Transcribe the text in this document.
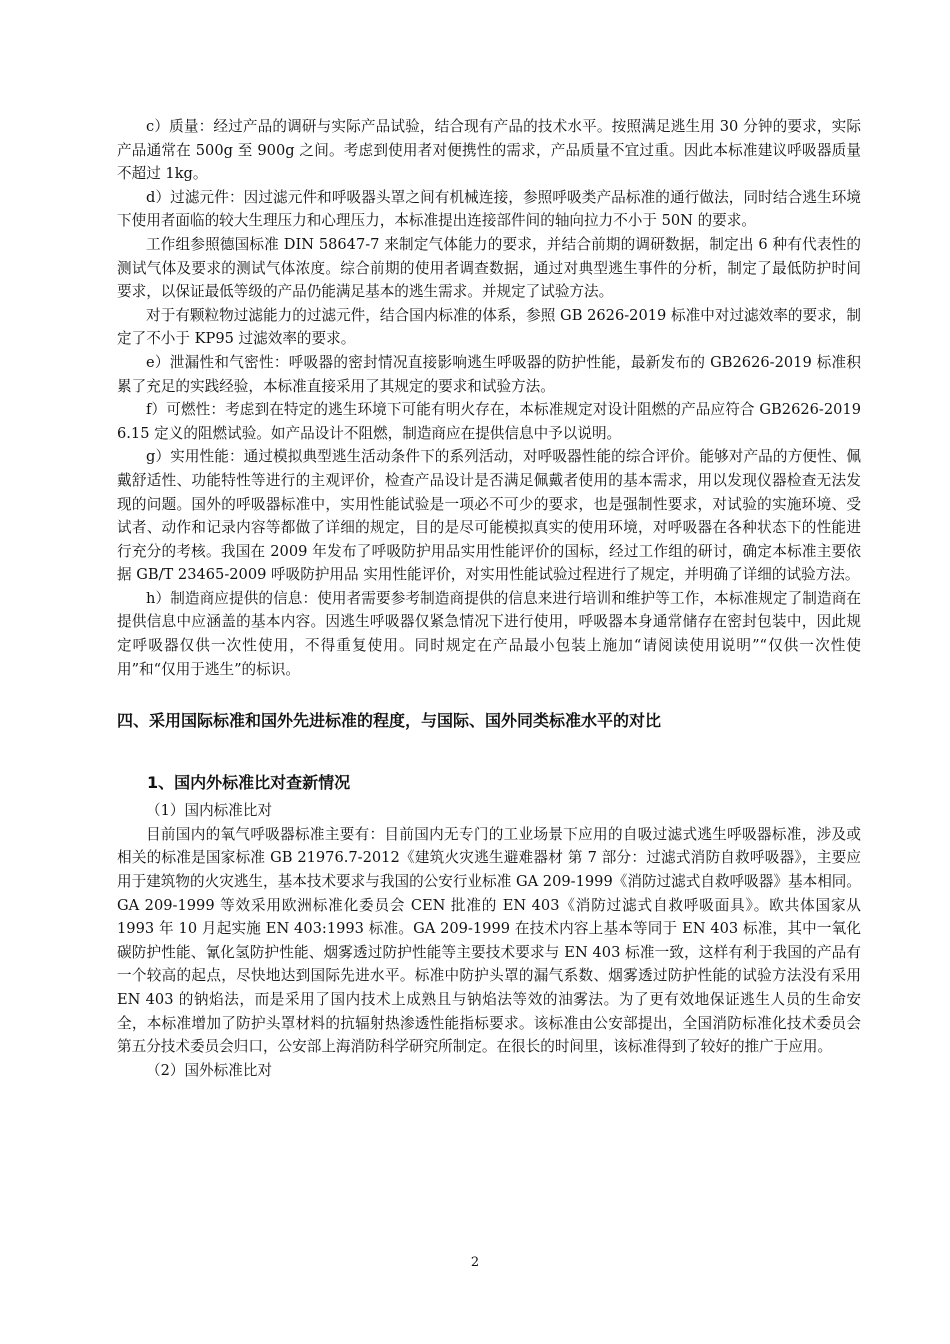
c）质量：经过产品的调研与实际产品试验，结合现有产品的技术水平。按照满足逃生用 30 分钟的要求，实际产品通常在 500g 至 900g 之间。考虑到使用者对便携性的需求，产品质量不宜过重。因此本标准建议呼吸器质量不超过 1kg。

d）过滤元件：因过滤元件和呼吸器头罩之间有机械连接，参照呼吸类产品标准的通行做法，同时结合逃生环境下使用者面临的较大生理压力和心理压力，本标准提出连接部件间的轴向拉力不小于 50N 的要求。

工作组参照德国标准 DIN 58647-7 来制定气体能力的要求，并结合前期的调研数据，制定出 6 种有代表性的测试气体及要求的测试气体浓度。综合前期的使用者调查数据，通过对典型逃生事件的分析，制定了最低防护时间要求，以保证最低等级的产品仍能满足基本的逃生需求。并规定了试验方法。

对于有颗粒物过滤能力的过滤元件，结合国内标准的体系，参照 GB 2626-2019 标准中对过滤效率的要求，制定了不小于 KP95 过滤效率的要求。

e）泄漏性和气密性：呼吸器的密封情况直接影响逃生呼吸器的防护性能，最新发布的 GB2626-2019 标准积累了充足的实践经验，本标准直接采用了其规定的要求和试验方法。

f）可燃性：考虑到在特定的逃生环境下可能有明火存在，本标准规定对设计阻燃的产品应符合 GB2626-2019 6.15 定义的阻燃试验。如产品设计不阻燃，制造商应在提供信息中予以说明。

g）实用性能：通过模拟典型逃生活动条件下的系列活动，对呼吸器性能的综合评价。能够对产品的方便性、佩戴舒适性、功能特性等进行的主观评价，检查产品设计是否满足佩戴者使用的基本需求，用以发现仪器检查无法发现的问题。国外的呼吸器标准中，实用性能试验是一项必不可少的要求，也是强制性要求，对试验的实施环境、受试者、动作和记录内容等都做了详细的规定，目的是尽可能模拟真实的使用环境，对呼吸器在各种状态下的性能进行充分的考核。我国在 2009 年发布了呼吸防护用品实用性能评价的国标，经过工作组的研讨，确定本标准主要依据 GB/T 23465-2009 呼吸防护用品 实用性能评价，对实用性能试验过程进行了规定，并明确了详细的试验方法。

h）制造商应提供的信息：使用者需要参考制造商提供的信息来进行培训和维护等工作，本标准规定了制造商在提供信息中应涵盖的基本内容。因逃生呼吸器仅紧急情况下进行使用，呼吸器本身通常储存在密封包装中，因此规定呼吸器仅供一次性使用，不得重复使用。同时规定在产品最小包装上施加“请阅读使用说明”“仅供一次性使用”和“仅用于逃生”的标识。

四、采用国际标准和国外先进标准的程度，与国际、国外同类标准水平的对比
1、国内外标准比对查新情况

（1）国内标准比对

目前国内的氧气呼吸器标准主要有：目前国内无专门的工业场景下应用的自吸过滤式逃生呼吸器标准，涉及或相关的标准是国家标准 GB 21976.7-2012《建筑火灾逃生避难器材 第 7 部分：过滤式消防自救呼吸器》，主要应用于建筑物的火灾逃生，基本技术要求与我国的公安行业标准 GA 209-1999《消防过滤式自救呼吸器》基本相同。GA 209-1999 等效采用欧洲标准化委员会 CEN 批准的 EN 403《消防过滤式自救呼吸面具》。欧共体国家从 1993 年 10 月起实施 EN 403:1993 标准。GA 209-1999 在技术内容上基本等同于 EN 403 标准，其中一氧化碳防护性能、氰化氢防护性能、烟雾透过防护性能等主要技术要求与 EN 403 标准一致，这样有利于我国的产品有一个较高的起点，尽快地达到国际先进水平。标准中防护头罩的漏气系数、烟雾透过防护性能的试验方法没有采用 EN 403 的钠焰法，而是采用了国内技术上成熟且与钠焰法等效的油雾法。为了更有效地保证逃生人员的生命安全，本标准增加了防护头罩材料的抗辐射热渗透性能指标要求。该标准由公安部提出，全国消防标准化技术委员会第五分技术委员会归口，公安部上海消防科学研究所制定。在很长的时间里，该标准得到了较好的推广于应用。

（2）国外标准比对

2
